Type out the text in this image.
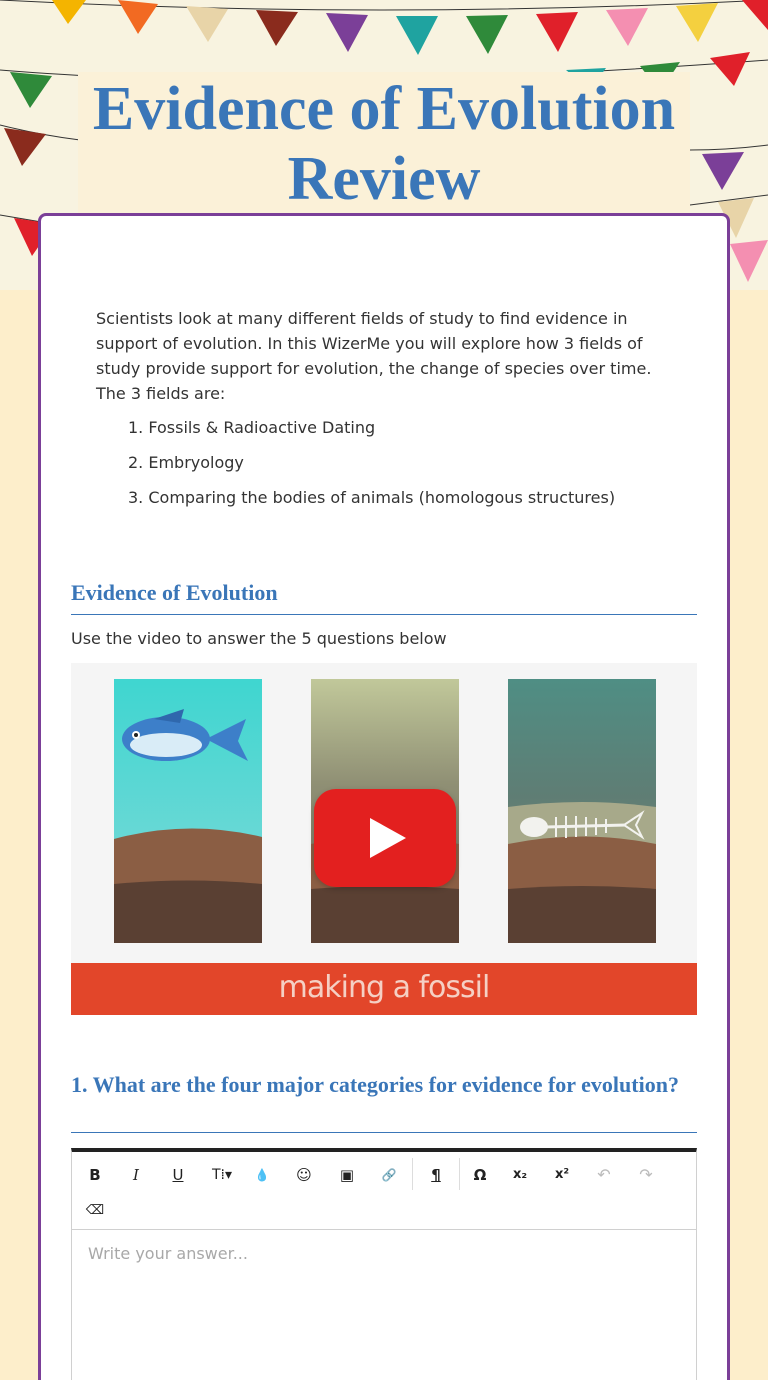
Evidence of Evolution Review

Scientists look at many different fields of study to find evidence in support of evolution. In this WizerMe you will explore how 3 fields of study provide support for evolution, the change of species over time. The 3 fields are:

1. Fossils & Radioactive Dating
2. Embryology
3. Comparing the bodies of animals (homologous structures)
Evidence of Evolution

Use the video to answer the 5 questions below

making a fossil
1. What are the four major categories for evidence for evolution?
B	I	U	T⁞▾	💧	☺	▣	🔗	¶	Ω	x₂	x²	↶	↷
⌫
Write your answer...
